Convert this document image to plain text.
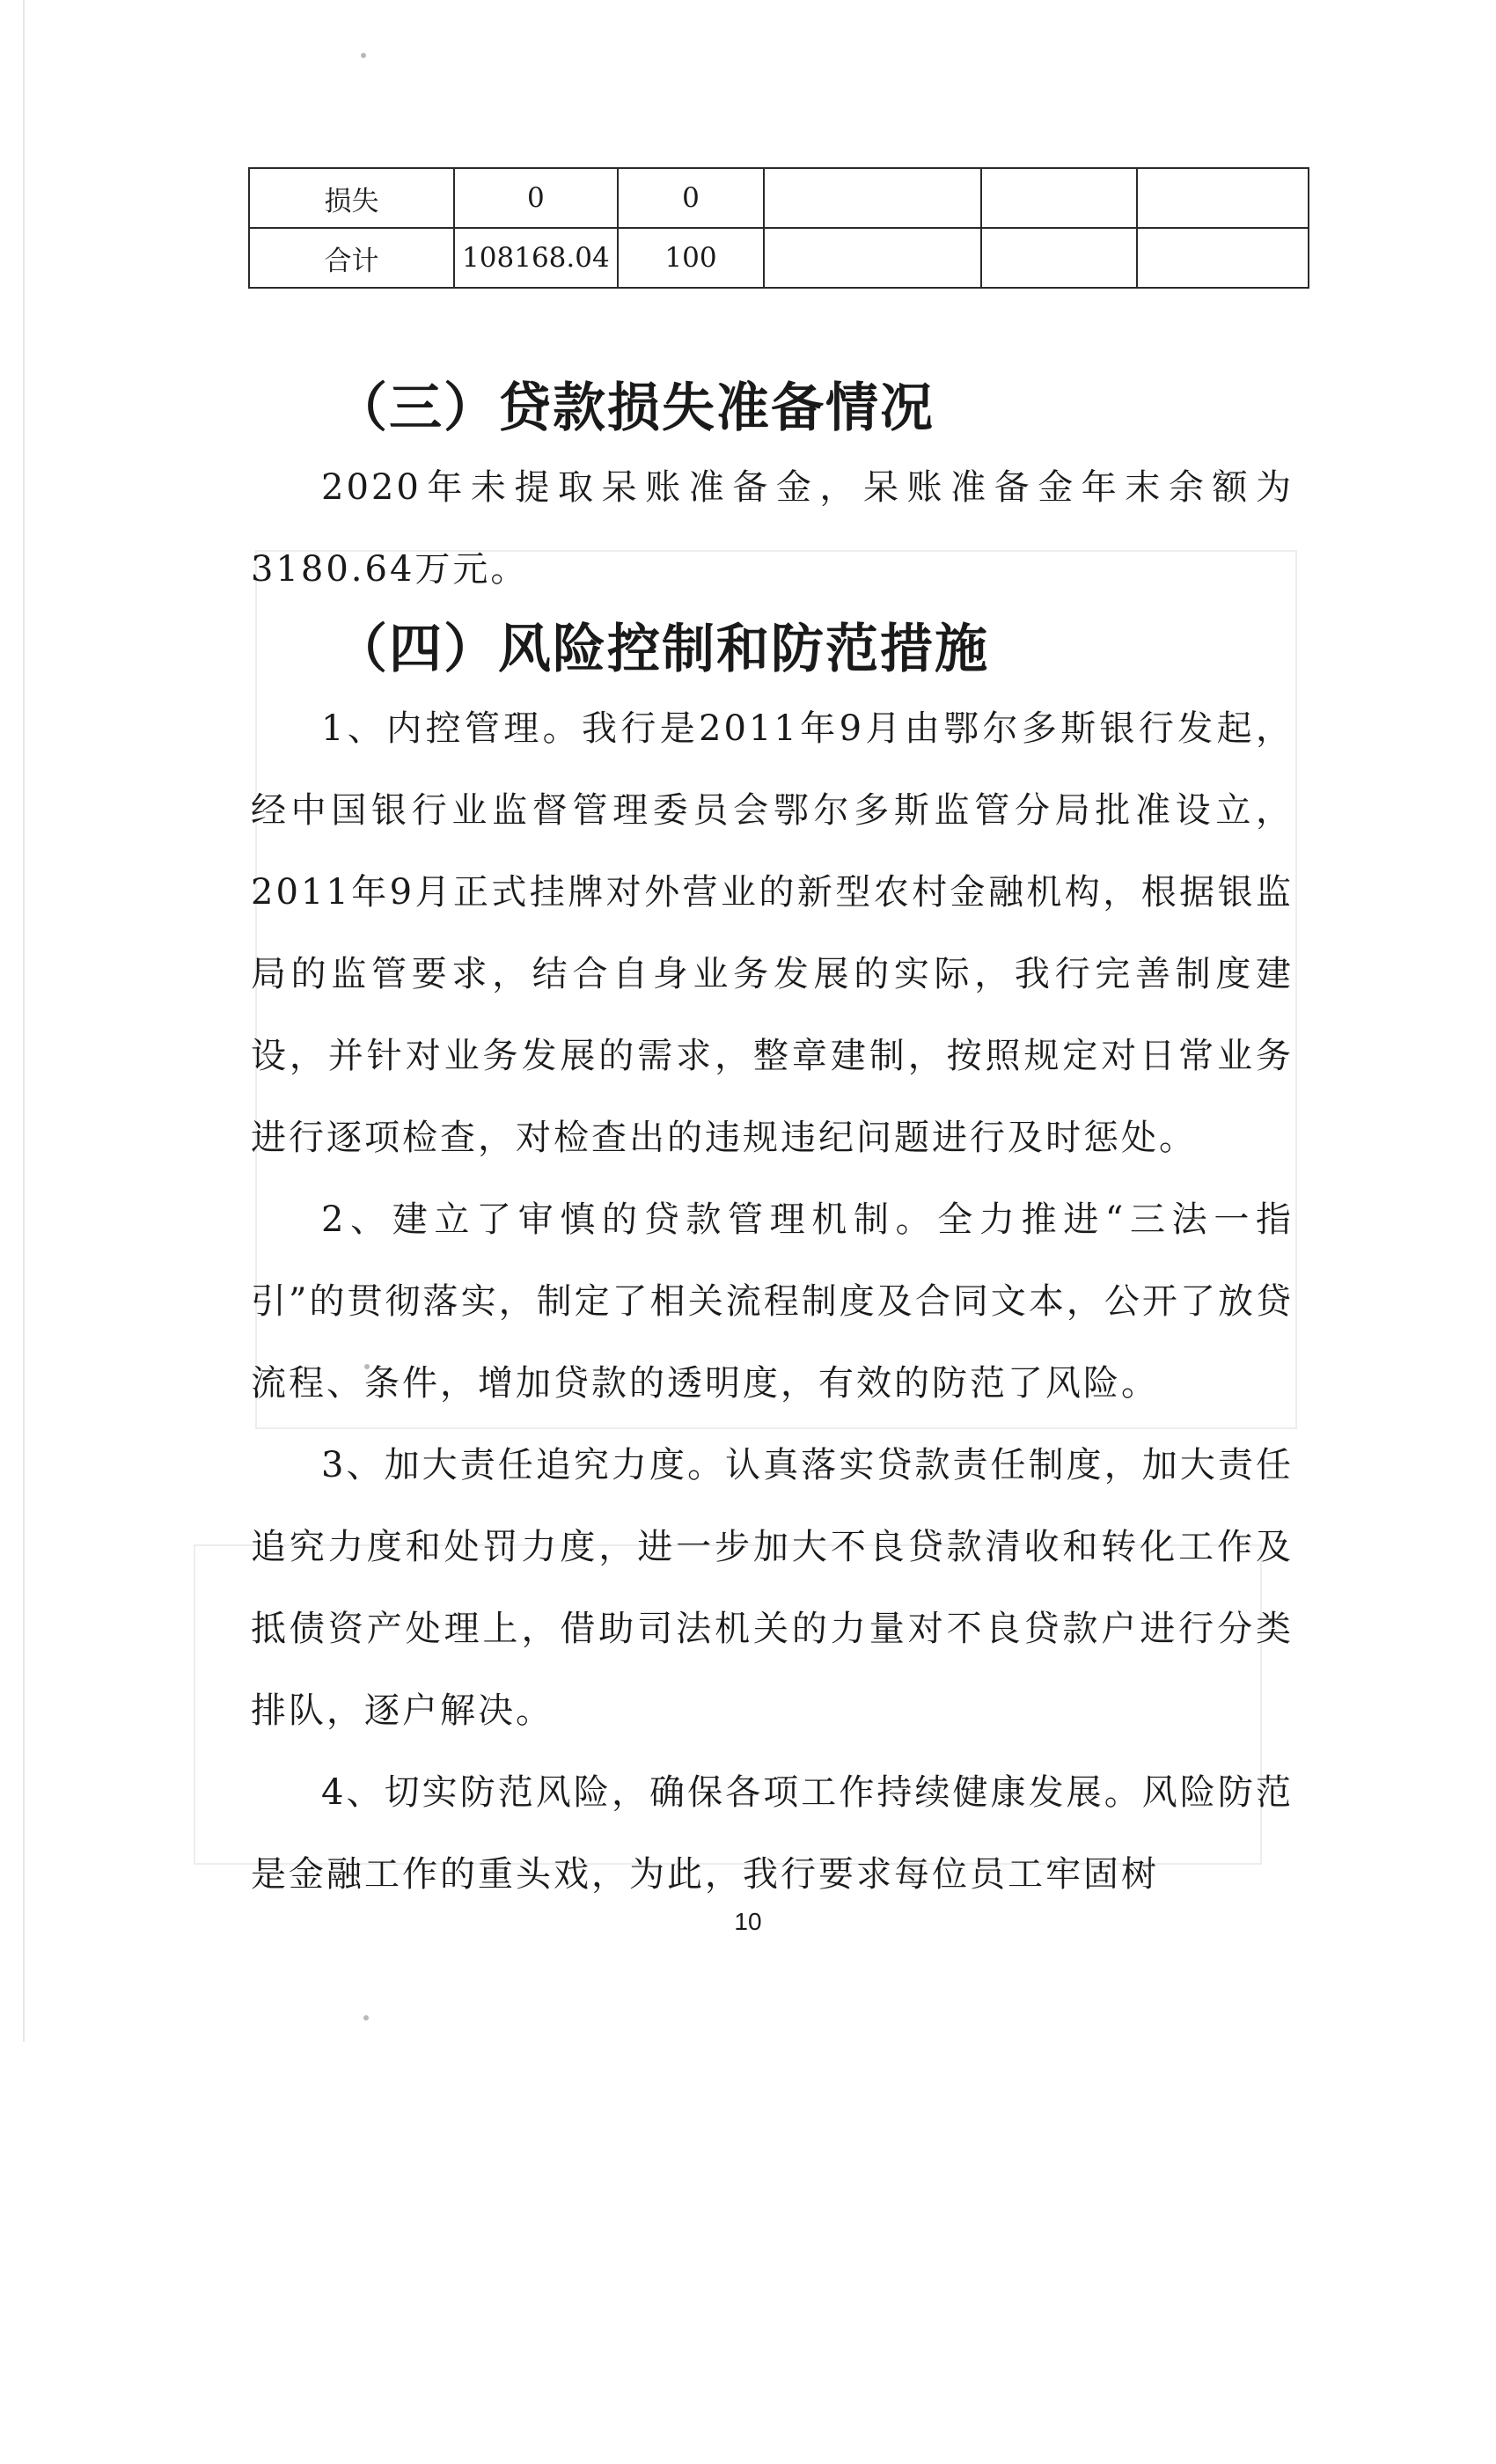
损失	0	0			
合计	108168.04	100			
（三）贷款损失准备情况

2020年未提取呆账准备金，呆账准备金年末余额为3180.64万元。

（四）风险控制和防范措施

1、内控管理。我行是2011年9月由鄂尔多斯银行发起，经中国银行业监督管理委员会鄂尔多斯监管分局批准设立，2011年9月正式挂牌对外营业的新型农村金融机构，根据银监局的监管要求，结合自身业务发展的实际，我行完善制度建设，并针对业务发展的需求，整章建制，按照规定对日常业务进行逐项检查，对检查出的违规违纪问题进行及时惩处。

2、建立了审慎的贷款管理机制。全力推进“三法一指引”的贯彻落实，制定了相关流程制度及合同文本，公开了放贷流程、条件，增加贷款的透明度，有效的防范了风险。

3、加大责任追究力度。认真落实贷款责任制度，加大责任追究力度和处罚力度，进一步加大不良贷款清收和转化工作及抵债资产处理上，借助司法机关的力量对不良贷款户进行分类排队，逐户解决。

4、切实防范风险，确保各项工作持续健康发展。风险防范是金融工作的重头戏，为此，我行要求每位员工牢固树

10
